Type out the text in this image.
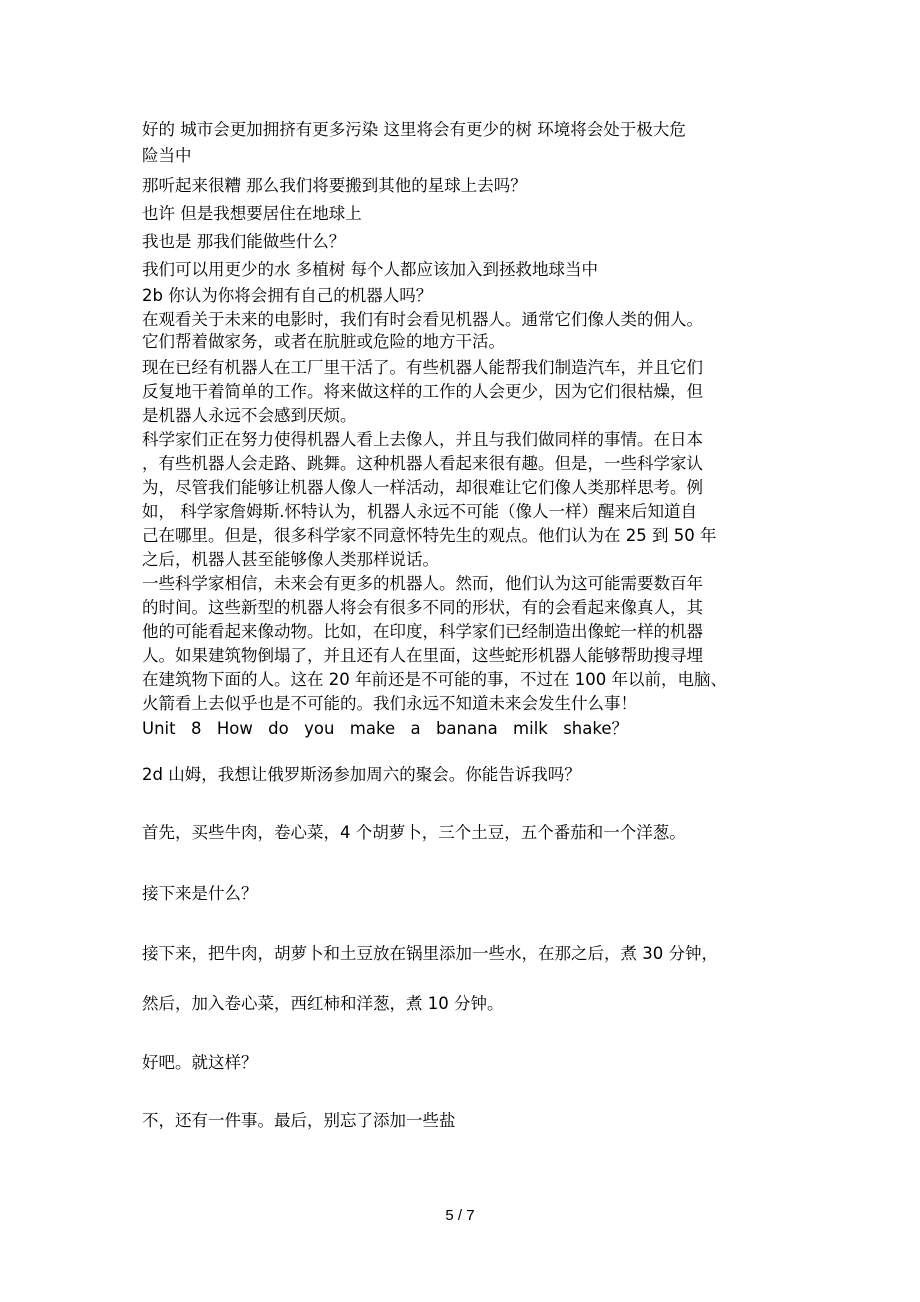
好的 城市会更加拥挤有更多污染 这里将会有更少的树 环境将会处于极大危
险当中
那听起来很糟 那么我们将要搬到其他的星球上去吗？
也许 但是我想要居住在地球上
我也是 那我们能做些什么？
我们可以用更少的水 多植树 每个人都应该加入到拯救地球当中
2b 你认为你将会拥有自己的机器人吗？
在观看关于未来的电影时，我们有时会看见机器人。通常它们像人类的佣人。
它们帮着做家务，或者在肮脏或危险的地方干活。
现在已经有机器人在工厂里干活了。有些机器人能帮我们制造汽车，并且它们
反复地干着简单的工作。将来做这样的工作的人会更少，因为它们很枯燥，但
是机器人永远不会感到厌烦。
科学家们正在努力使得机器人看上去像人，并且与我们做同样的事情。在日本
，有些机器人会走路、跳舞。这种机器人看起来很有趣。但是，一些科学家认
为，尽管我们能够让机器人像人一样活动，却很难让它们像人类那样思考。例
如， 科学家詹姆斯.怀特认为，机器人永远不可能（像人一样）醒来后知道自
己在哪里。但是，很多科学家不同意怀特先生的观点。他们认为在 25 到 50 年
之后，机器人甚至能够像人类那样说话。
一些科学家相信，未来会有更多的机器人。然而，他们认为这可能需要数百年
的时间。这些新型的机器人将会有很多不同的形状，有的会看起来像真人，其
他的可能看起来像动物。比如，在印度，科学家们已经制造出像蛇一样的机器
人。如果建筑物倒塌了，并且还有人在里面，这些蛇形机器人能够帮助搜寻埋
在建筑物下面的人。这在 20 年前还是不可能的事，不过在 100 年以前，电脑、
火箭看上去似乎也是不可能的。我们永远不知道未来会发生什么事！
Unit 8 How do you make a banana milk shake？
2d 山姆，我想让俄罗斯汤参加周六的聚会。你能告诉我吗？
首先，买些牛肉，卷心菜，4 个胡萝卜，三个土豆，五个番茄和一个洋葱。
接下来是什么？
接下来，把牛肉，胡萝卜和土豆放在锅里添加一些水，在那之后，煮 30 分钟，
然后，加入卷心菜，西红柿和洋葱，煮 10 分钟。
好吧。就这样？
不，还有一件事。最后，别忘了添加一些盐
5 / 7
